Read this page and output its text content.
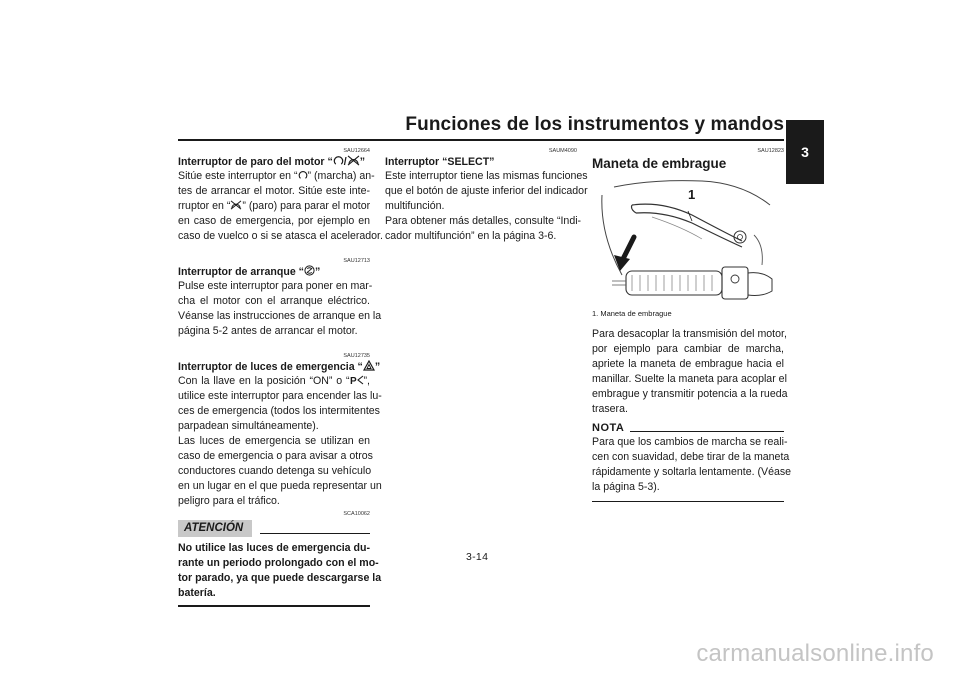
Funciones de los instrumentos y mandos
3
SAU12664
Interruptor de paro del motor “ / ”
Sitúe este interruptor en “ ” (marcha) an-
tes de arrancar el motor. Sitúe este inte-
rruptor en “ ” (paro) para parar el motor
en caso de emergencia, por ejemplo en
caso de vuelco o si se atasca el acelerador.
SAU12713
Interruptor de arranque “ ”
Pulse este interruptor para poner en mar-
cha el motor con el arranque eléctrico.
Véanse las instrucciones de arranque en la
página 5-2 antes de arrancar el motor.
SAU12735
Interruptor de luces de emergencia “ ”
Con la llave en la posición “ON” o “ P ”,
utilice este interruptor para encender las lu-
ces de emergencia (todos los intermitentes
parpadean simultáneamente).
Las luces de emergencia se utilizan en
caso de emergencia o para avisar a otros
conductores cuando detenga su vehículo
en un lugar en el que pueda representar un
peligro para el tráfico.
SCA10062
ATENCIÓN
No utilice las luces de emergencia du-
rante un periodo prolongado con el mo-
tor parado, ya que puede descargarse la
batería.
SAUM4090
Interruptor “SELECT”
Este interruptor tiene las mismas funciones
que el botón de ajuste inferior del indicador
multifunción.
Para obtener más detalles, consulte “Indi-
cador multifunción” en la página 3-6.
SAU12823
Maneta de embrague
1
1. Maneta de embrague
Para desacoplar la transmisión del motor,
por ejemplo para cambiar de marcha,
apriete la maneta de embrague hacia el
manillar. Suelte la maneta para acoplar el
embrague y transmitir potencia a la rueda
trasera.
NOTA
Para que los cambios de marcha se reali-
cen con suavidad, debe tirar de la maneta
rápidamente y soltarla lentamente. (Véase
la página 5-3).
3-14
carmanualsonline.info
